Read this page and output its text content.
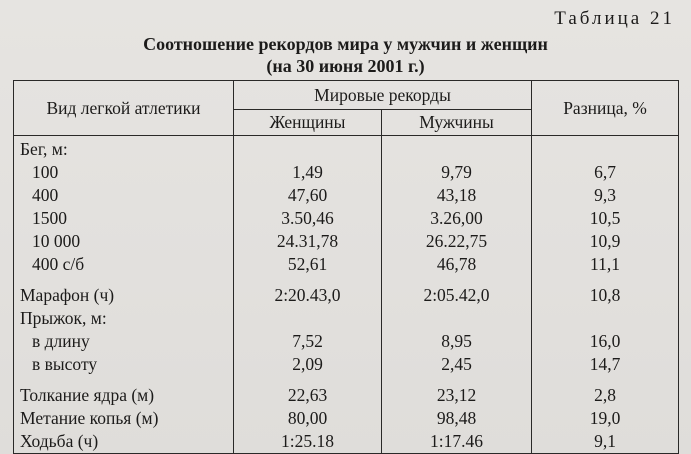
Таблица 21
Соотношение рекордов мира у мужчин и женщин
(на 30 июня 2001 г.)
Вид легкой атлетики	Мировые рекорды		Разница, %
	Женщины	Мужчины	
Бег, м:			
100	1,49	9,79	6,7
400	47,60	43,18	9,3
1500	3.50,46	3.26,00	10,5
10 000	24.31,78	26.22,75	10,9
400 с/б	52,61	46,78	11,1

Марафон (ч)	2:20.43,0	2:05.42,0	10,8
Прыжок, м:			
в длину	7,52	8,95	16,0
в высоту	2,09	2,45	14,7

Толкание ядра (м)	22,63	23,12	2,8
Метание копья (м)	80,00	98,48	19,0
Ходьба (ч)	1:25.18	1:17.46	9,1
